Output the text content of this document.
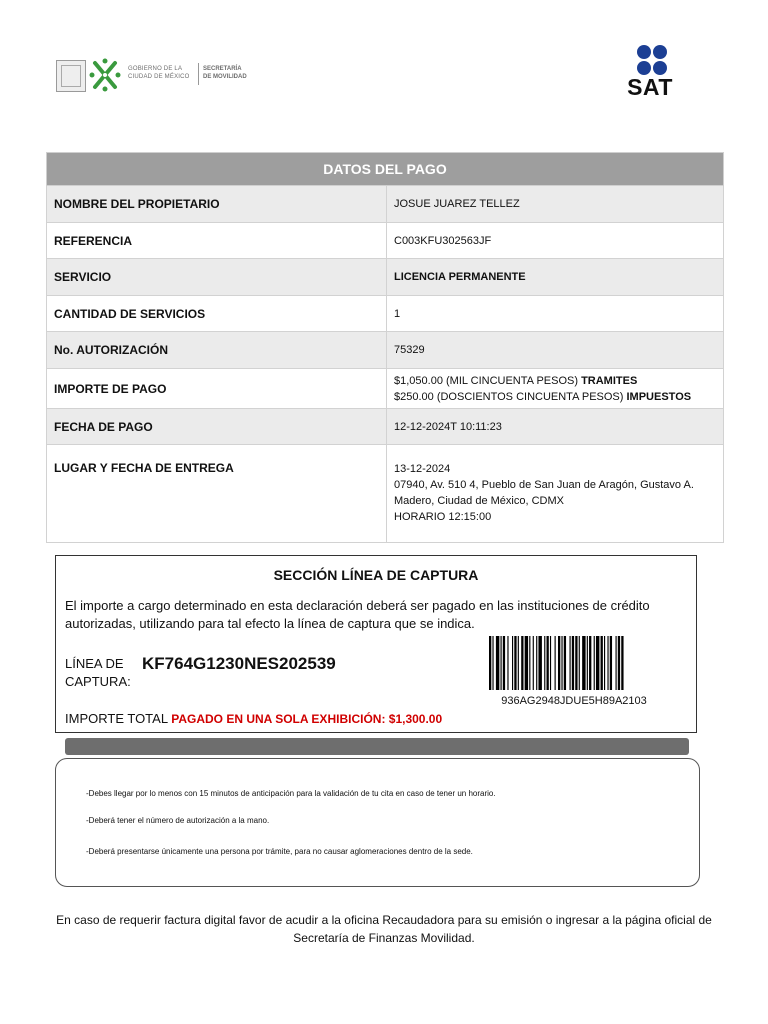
GOBIERNO DE LA
CIUDAD DE MÉXICO
SECRETARÍA
DE MOVILIDAD	SAT
DATOS DEL PAGO	
NOMBRE DEL PROPIETARIO	JOSUE JUAREZ TELLEZ
REFERENCIA	C003KFU302563JF
SERVICIO	LICENCIA PERMANENTE
CANTIDAD DE SERVICIOS	1
No. AUTORIZACIÓN	75329
IMPORTE DE PAGO	$1,050.00 (MIL CINCUENTA PESOS) TRAMITES
$250.00 (DOSCIENTOS CINCUENTA PESOS) IMPUESTOS

FECHA DE PAGO	12-12-2024T 10:11:23
LUGAR Y FECHA DE ENTREGA	13-12-2024
07940, Av. 510 4, Pueblo de San Juan de Aragón, Gustavo A.
Madero, Ciudad de México, CDMX
HORARIO 12:15:00
SECCIÓN LÍNEA DE CAPTURA
El importe a cargo determinado en esta declaración deberá ser pagado en las instituciones de crédito autorizadas, utilizando para tal efecto la línea de captura que se indica.
LÍNEA DE
CAPTURA:
KF764G1230NES202539
936AG2948JDUE5H89A2103
IMPORTE TOTAL PAGADO EN UNA SOLA EXHIBICIÓN: $1,300.00

-Debes llegar por lo menos con 15 minutos de anticipación para la validación de tu cita en caso de tener un horario.

-Deberá tener el número de autorización a la mano.

-Deberá presentarse únicamente una persona por trámite, para no causar aglomeraciones dentro de la sede.

En caso de requerir factura digital favor de acudir a la oficina Recaudadora para su emisión o ingresar a la página oficial de Secretaría de Finanzas Movilidad.
